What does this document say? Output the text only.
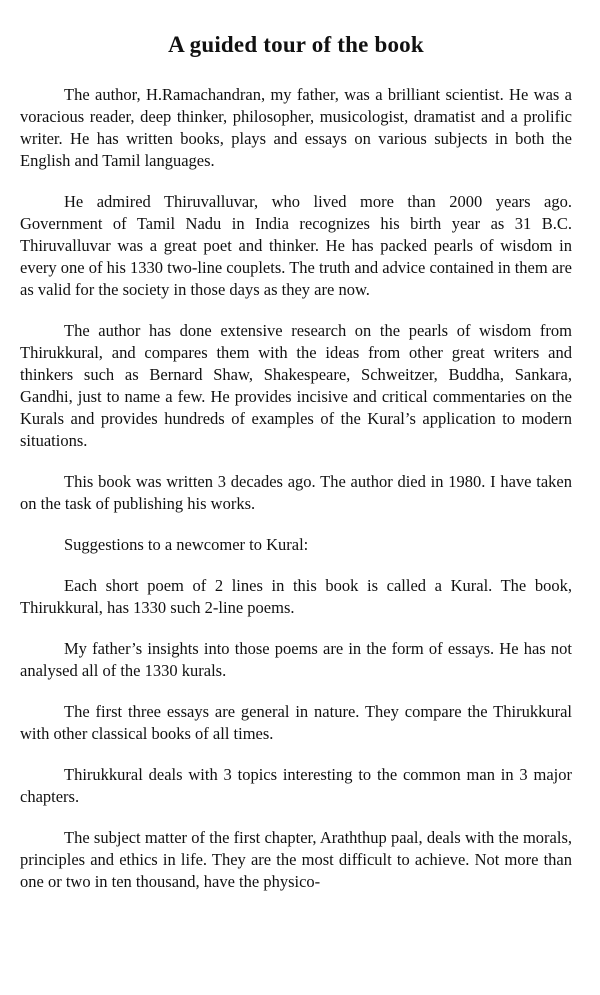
A guided tour of the book

The author, H.Ramachandran, my father, was a brilliant scientist. He was a voracious reader, deep thinker, philosopher, musicologist, dramatist and a prolific writer. He has written books, plays and essays on various subjects in both the English and Tamil languages.

He admired Thiruvalluvar, who lived more than 2000 years ago. Government of Tamil Nadu in India recognizes his birth year as 31 B.C. Thiruvalluvar was a great poet and thinker. He has packed pearls of wisdom in every one of his 1330 two-line couplets. The truth and advice contained in them are as valid for the society in those days as they are now.

The author has done extensive research on the pearls of wisdom from Thirukkural, and compares them with the ideas from other great writers and thinkers such as Bernard Shaw, Shakespeare, Schweitzer, Buddha, Sankara, Gandhi, just to name a few. He provides incisive and critical commentaries on the Kurals and provides hundreds of examples of the Kural’s application to modern situations.

This book was written 3 decades ago. The author died in 1980. I have taken on the task of publishing his works.

Suggestions to a newcomer to Kural:

Each short poem of 2 lines in this book is called a Kural. The book, Thirukkural, has 1330 such 2-line poems.

My father’s insights into those poems are in the form of essays. He has not analysed all of the 1330 kurals.

The first three essays are general in nature. They compare the Thirukkural with other classical books of all times.

Thirukkural deals with 3 topics interesting to the common man in 3 major chapters.

The subject matter of the first chapter, Araththup paal, deals with the morals, principles and ethics in life. They are the most difficult to achieve. Not more than one or two in ten thousand, have the physico-
